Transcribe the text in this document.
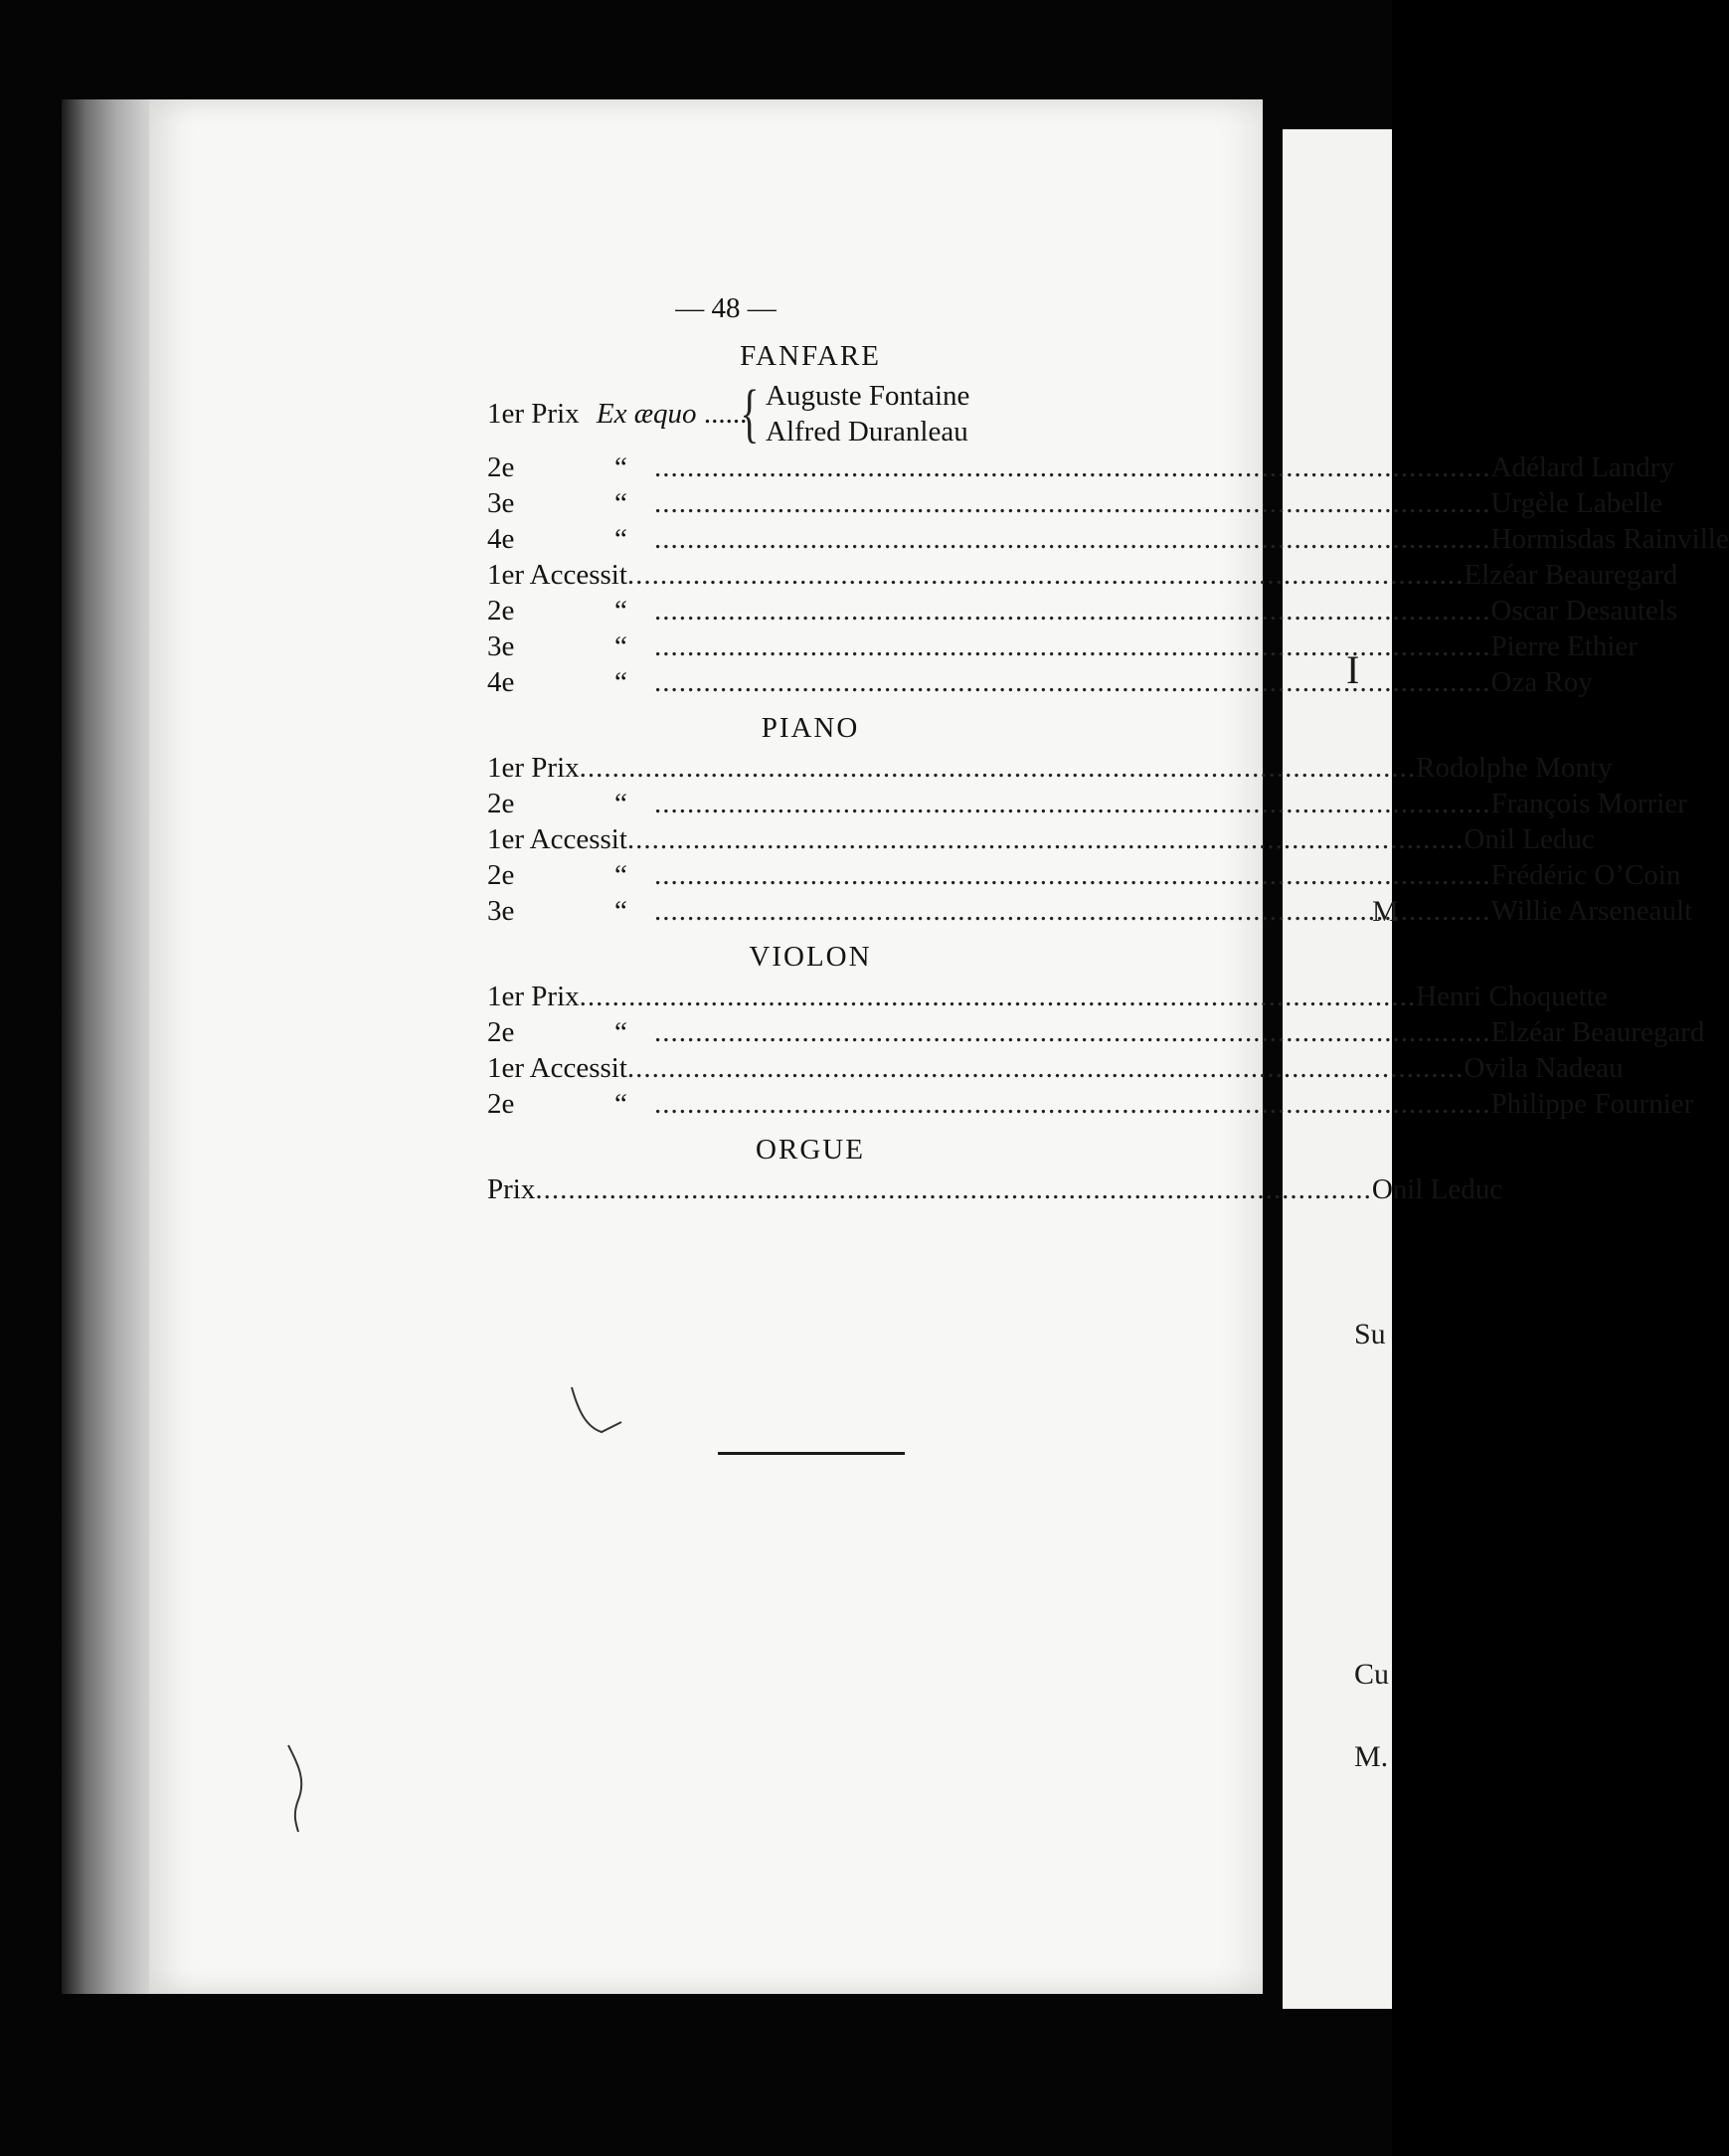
I
M
Su
Cu
M.
— 48 —
FANFARE
1er Prix Ex æquo ......
{ Auguste Fontaine
Alfred Duranleau
2e	“ .....	Adélard Landry
3e	“ .....	Urgèle Labelle
4e	“ .....	Hormisdas Rainville
1er Accessit .....	Elzéar Beauregard
2e	“ .....	Oscar Desautels
3e	“ .....	Pierre Ethier
4e	“ .....	Oza Roy
PIANO
1er Prix .....	Rodolphe Monty
2e	“ .....	François Morrier
1er Accessit .....	Onil Leduc
2e	“ .....	Frédéric O’Coin
3e	“ .....	Willie Arseneault
VIOLON
1er Prix .....	Henri Choquette
2e	“ .....	Elzéar Beauregard
1er Accessit .....	Ovila Nadeau
2e	“ .....	Philippe Fournier
ORGUE
Prix .....	Onil Leduc
